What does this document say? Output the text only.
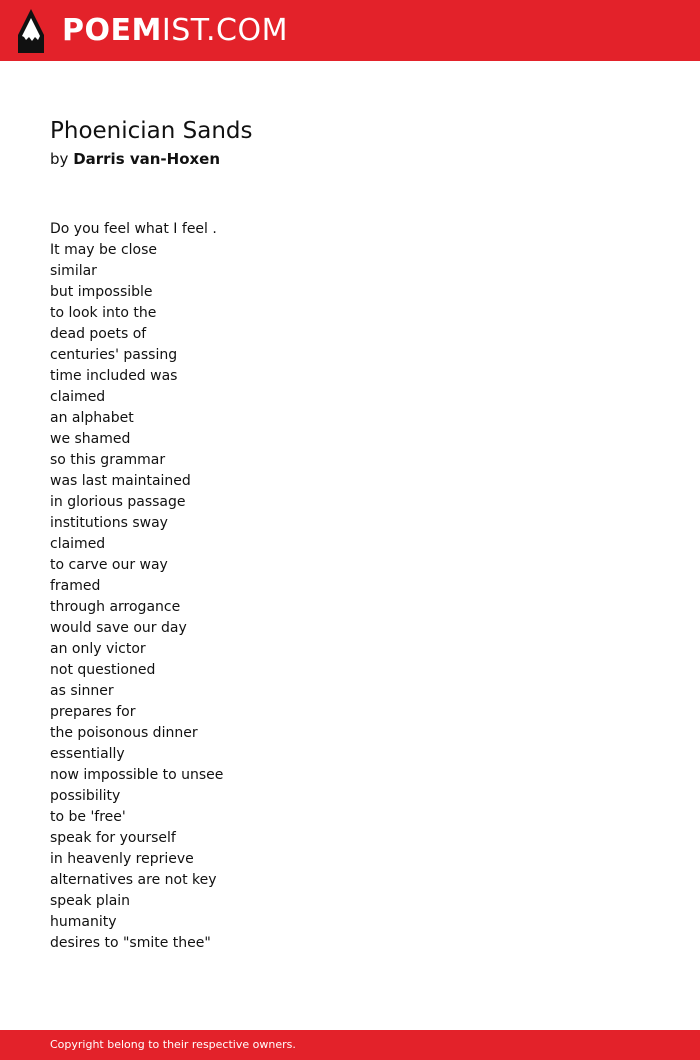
POEMIST.COM
Phoenician Sands
by Darris van-Hoxen
Do you feel what I feel .
It may be close
similar
but impossible
to look into the
dead poets of
centuries' passing
time included was
claimed
an alphabet
we shamed
so this grammar
was last maintained
in glorious passage
institutions sway
claimed
to carve our way
framed
through arrogance
would save our day
an only victor
not questioned
as sinner
prepares for
the poisonous dinner
essentially
now impossible to unsee
possibility
to be 'free'
speak for yourself
in heavenly reprieve
alternatives are not key
speak plain
humanity
desires to "smite thee"
Copyright belong to their respective owners.
